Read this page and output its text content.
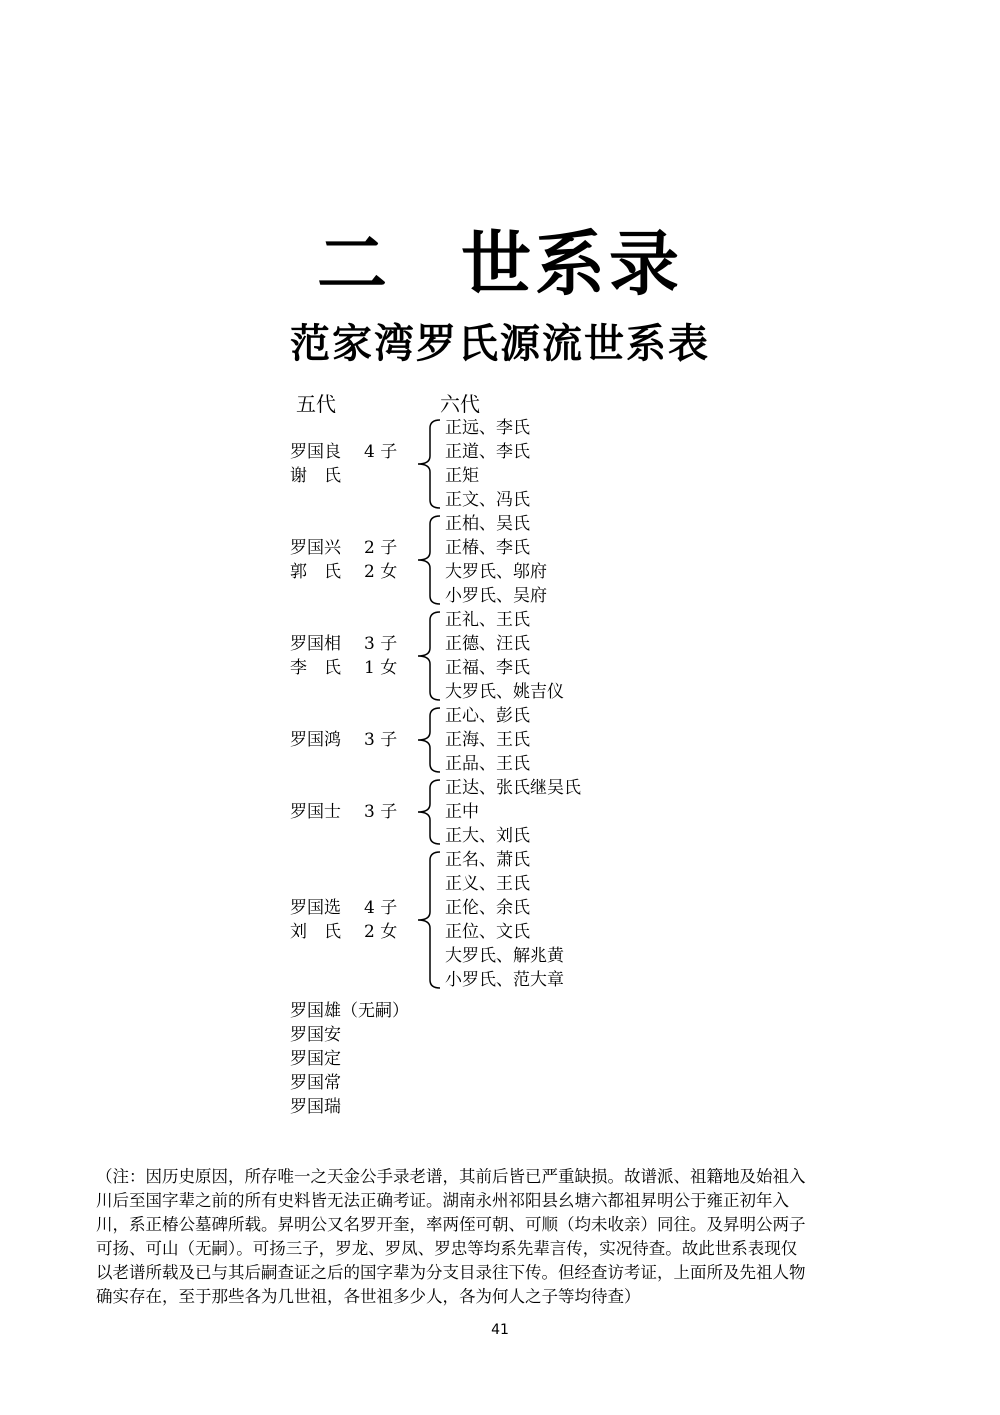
二 世系录
范家湾罗氏源流世系表
五代	六代
正远、李氏
正道、李氏
正矩
正文、冯氏
罗国良 4 子
谢　氏
正柏、吴氏
正椿、李氏
大罗氏、邬府
小罗氏、吴府
罗国兴 2 子
郭　氏 2 女
正礼、王氏
正德、汪氏
正福、李氏
大罗氏、姚吉仪
罗国相 3 子
李　氏 1 女
正心、彭氏
正海、王氏
正品、王氏
罗国鸿 3 子
正达、张氏继吴氏
正中
正大、刘氏
罗国士 3 子
正名、萧氏
正义、王氏
正伦、余氏
正位、文氏
大罗氏、解兆黄
小罗氏、范大章
罗国选 4 子
刘　氏 2 女
罗国雄（无嗣）
罗国安
罗国定
罗国常
罗国瑞
（注：因历史原因，所存唯一之天金公手录老谱，其前后皆已严重缺损。故谱派、祖籍地及始祖入
川后至国字辈之前的所有史料皆无法正确考证。湖南永州祁阳县幺塘六都祖昇明公于雍正初年入
川，系正椿公墓碑所载。昇明公又名罗开奎，率两侄可朝、可顺（均未收亲）同往。及昇明公两子
可扬、可山（无嗣）。可扬三子，罗龙、罗凤、罗忠等均系先辈言传，实况待查。故此世系表现仅
以老谱所载及已与其后嗣查证之后的国字辈为分支目录往下传。但经查访考证，上面所及先祖人物
确实存在，至于那些各为几世祖，各世祖多少人，各为何人之子等均待查）
41
